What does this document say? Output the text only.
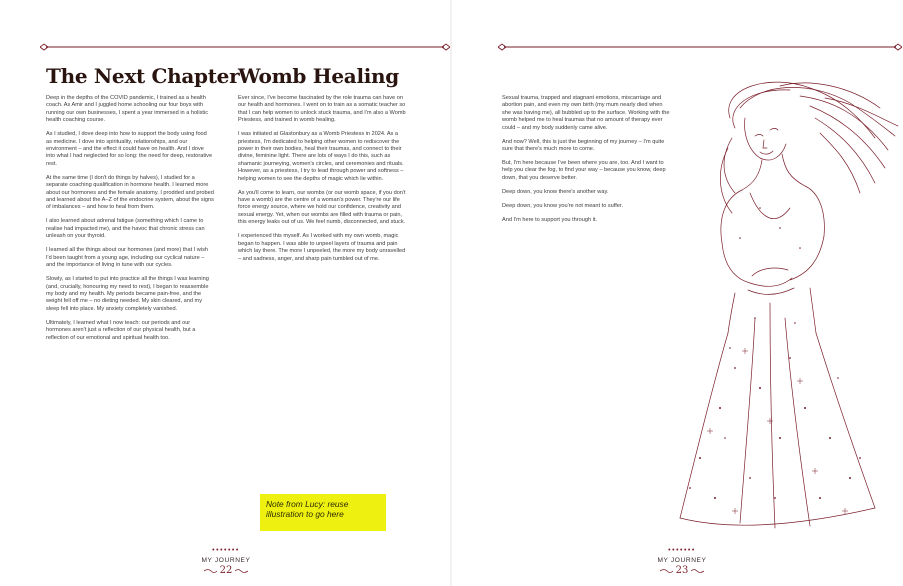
The Next Chapter
Womb Healing

Deep in the depths of the COVID pandemic, I trained as a health coach. As Amir and I juggled home schooling our four boys with running our own businesses, I spent a year immersed in a holistic health coaching course.

As I studied, I dove deep into how to support the body using food as medicine. I dove into spirituality, relationships, and our environment – and the effect it could have on health. And I dove into what I had neglected for so long: the need for deep, restorative rest.

At the same time (I don't do things by halves), I studied for a separate coaching qualification in hormone health. I learned more about our hormones and the female anatomy. I prodded and probed and learned about the A–Z of the endocrine system, about the signs of imbalances – and how to heal from them.

I also learned about adrenal fatigue (something which I came to realise had impacted me), and the havoc that chronic stress can unleash on your thyroid.

I learned all the things about our hormones (and more) that I wish I'd been taught from a young age, including our cyclical nature – and the importance of living in tune with our cycles.

Slowly, as I started to put into practice all the things I was learning (and, crucially, honouring my need to rest), I began to reassemble my body and my health. My periods became pain-free, and the weight fell off me – no dieting needed. My skin cleared, and my sleep fell into place. My anxiety completely vanished.

Ultimately, I learned what I now teach: our periods and our hormones aren't just a reflection of our physical health, but a reflection of our emotional and spiritual health too.

Ever since, I've become fascinated by the role trauma can have on our health and hormones. I went on to train as a somatic teacher so that I can help women to unlock stuck trauma, and I'm also a Womb Priestess, and trained in womb healing.

I was initiated at Glastonbury as a Womb Priestess in 2024. As a priestess, I'm dedicated to helping other women to rediscover the power in their own bodies, heal their traumas, and connect to their divine, feminine light. There are lots of ways I do this, such as shamanic journeying, women's circles, and ceremonies and rituals. However, as a priestess, I try to lead through power and softness – helping women to see the depths of magic which lie within.

As you'll come to learn, our wombs (or our womb space, if you don't have a womb) are the centre of a woman's power. They're our life force energy source, where we hold our confidence, creativity and sexual energy. Yet, when our wombs are filled with trauma or pain, this energy leaks out of us. We feel numb, disconnected, and stuck.

I experienced this myself. As I worked with my own womb, magic began to happen. I was able to unpeel layers of trauma and pain which lay there. The more I unpeeled, the more my body unravelled – and sadness, anger, and sharp pain tumbled out of me.

Note from Lucy: reuse illustration to go here
•••••••
MY JOURNEY
22

Sexual trauma, trapped and stagnant emotions, miscarriage and abortion pain, and even my own birth (my mum nearly died when she was having me), all bubbled up to the surface. Working with the womb helped me to heal traumas that no amount of therapy ever could – and my body suddenly came alive.

And now? Well, this is just the beginning of my journey – I'm quite sure that there's much more to come.

But, I'm here because I've been where you are, too. And I want to help you clear the fog, to find your way – because you know, deep down, that you deserve better.

Deep down, you know there's another way.

Deep down, you know you're not meant to suffer.

And I'm here to support you through it.

•••••••
MY JOURNEY
23
